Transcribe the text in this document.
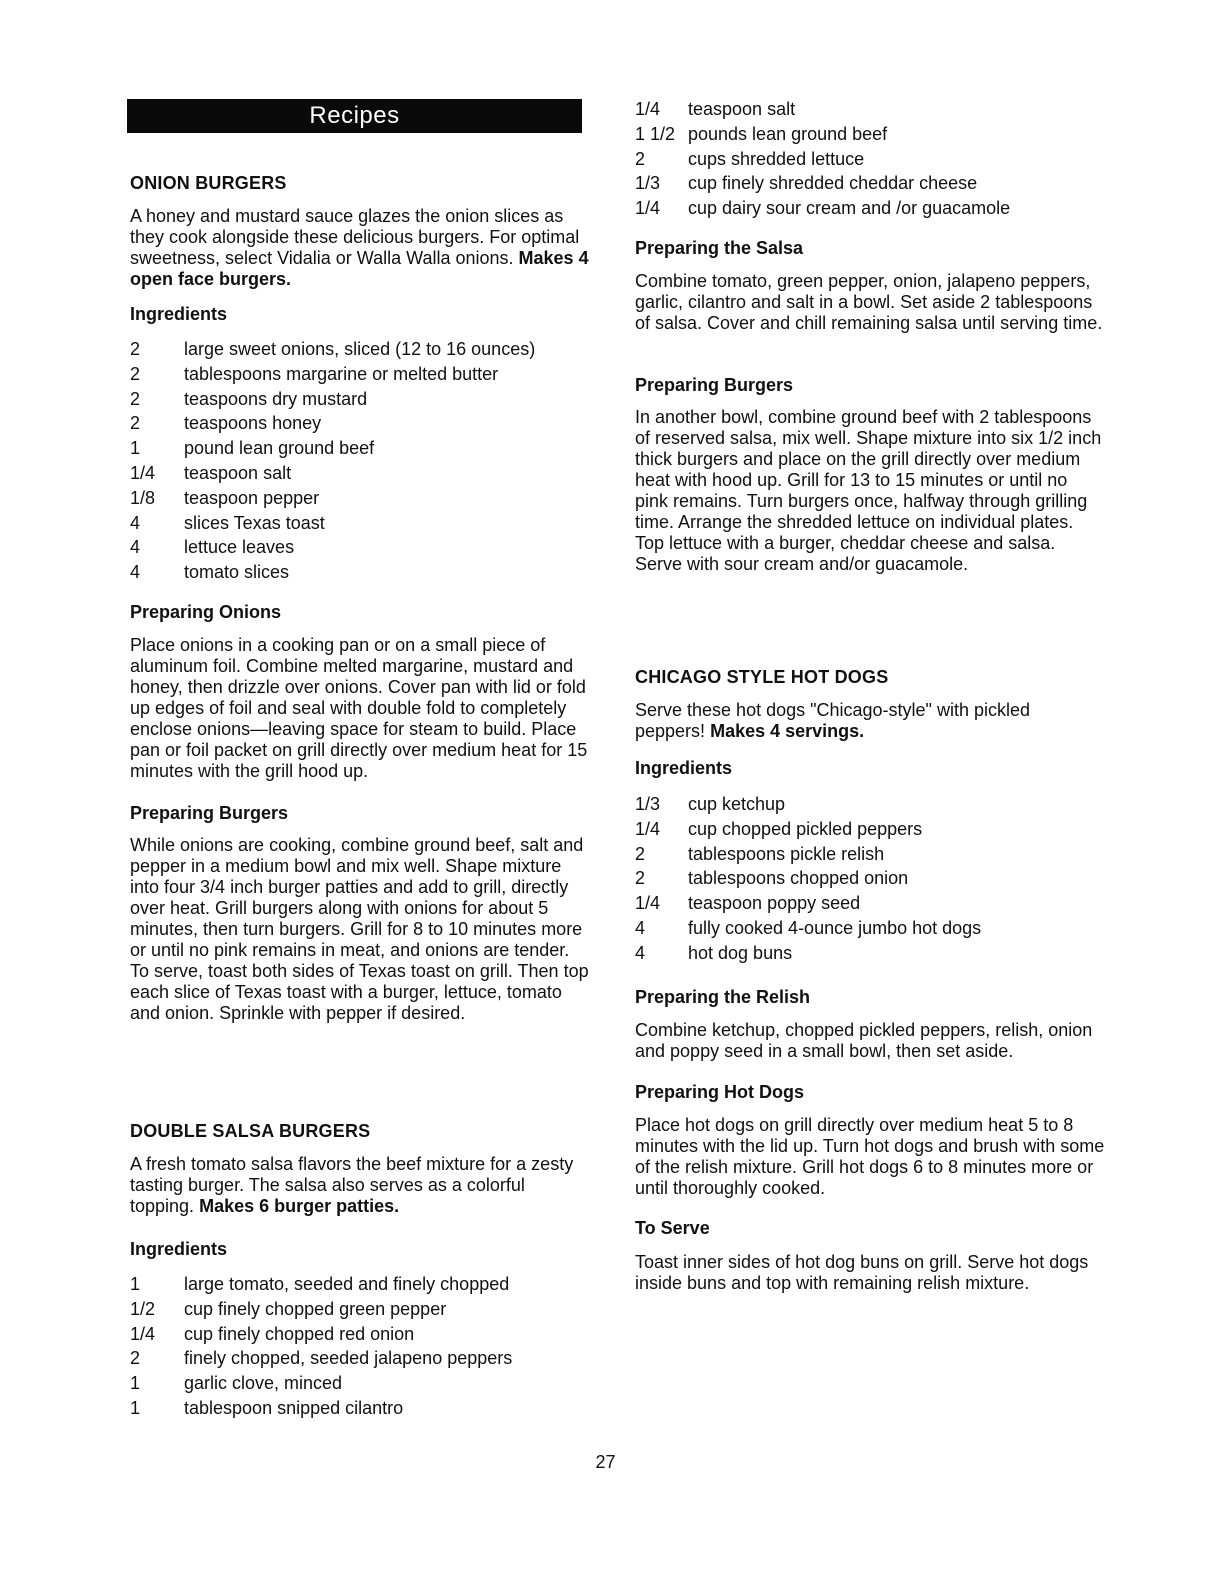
Recipes
ONION BURGERS
A honey and mustard sauce glazes the onion slices as they cook alongside these delicious burgers. For optimal sweetness, select Vidalia or Walla Walla onions. Makes 4 open face burgers.
Ingredients
2	large sweet onions, sliced (12 to 16 ounces)
2	tablespoons margarine or melted butter
2	teaspoons dry mustard
2	teaspoons honey
1	pound lean ground beef
1/4	teaspoon salt
1/8	teaspoon pepper
4	slices Texas toast
4	lettuce leaves
4	tomato slices
Preparing Onions
Place onions in a cooking pan or on a small piece of aluminum foil. Combine melted margarine, mustard and honey, then drizzle over onions. Cover pan with lid or fold up edges of foil and seal with double fold to completely enclose onions—leaving space for steam to build. Place pan or foil packet on grill directly over medium heat for 15 minutes with the grill hood up.
Preparing Burgers
While onions are cooking, combine ground beef, salt and pepper in a medium bowl and mix well. Shape mixture into four 3/4 inch burger patties and add to grill, directly over heat. Grill burgers along with onions for about 5 minutes, then turn burgers. Grill for 8 to 10 minutes more or until no pink remains in meat, and onions are tender. To serve, toast both sides of Texas toast on grill. Then top each slice of Texas toast with a burger, lettuce, tomato and onion. Sprinkle with pepper if desired.
DOUBLE SALSA BURGERS
A fresh tomato salsa flavors the beef mixture for a zesty tasting burger. The salsa also serves as a colorful topping. Makes 6 burger patties.
Ingredients
1	large tomato, seeded and finely chopped
1/2	cup finely chopped green pepper
1/4	cup finely chopped red onion
2	finely chopped, seeded jalapeno peppers
1	garlic clove, minced
1	tablespoon snipped cilantro
1/4	teaspoon salt
1 1/2 pounds lean ground beef
2	cups shredded lettuce
1/3	cup finely shredded cheddar cheese
1/4	cup dairy sour cream and /or guacamole
Preparing the Salsa
Combine tomato, green pepper, onion, jalapeno peppers, garlic, cilantro and salt in a bowl. Set aside 2 tablespoons of salsa. Cover and chill remaining salsa until serving time.
Preparing Burgers
In another bowl, combine ground beef with 2 tablespoons of reserved salsa, mix well. Shape mixture into six 1/2 inch thick burgers and place on the grill directly over medium heat with hood up. Grill for 13 to 15 minutes or until no pink remains. Turn burgers once, halfway through grilling time. Arrange the shredded lettuce on individual plates. Top lettuce with a burger, cheddar cheese and salsa. Serve with sour cream and/or guacamole.
CHICAGO STYLE HOT DOGS
Serve these hot dogs "Chicago-style" with pickled peppers! Makes 4 servings.
Ingredients
1/3	cup ketchup
1/4	cup chopped pickled peppers
2	tablespoons pickle relish
2	tablespoons chopped onion
1/4	teaspoon poppy seed
4	fully cooked 4-ounce jumbo hot dogs
4	hot dog buns
Preparing the Relish
Combine ketchup, chopped pickled peppers, relish, onion and poppy seed in a small bowl, then set aside.
Preparing Hot Dogs
Place hot dogs on grill directly over medium heat 5 to 8 minutes with the lid up. Turn hot dogs and brush with some of the relish mixture. Grill hot dogs 6 to 8 minutes more or until thoroughly cooked.
To Serve
Toast inner sides of hot dog buns on grill. Serve hot dogs inside buns and top with remaining relish mixture.
27
